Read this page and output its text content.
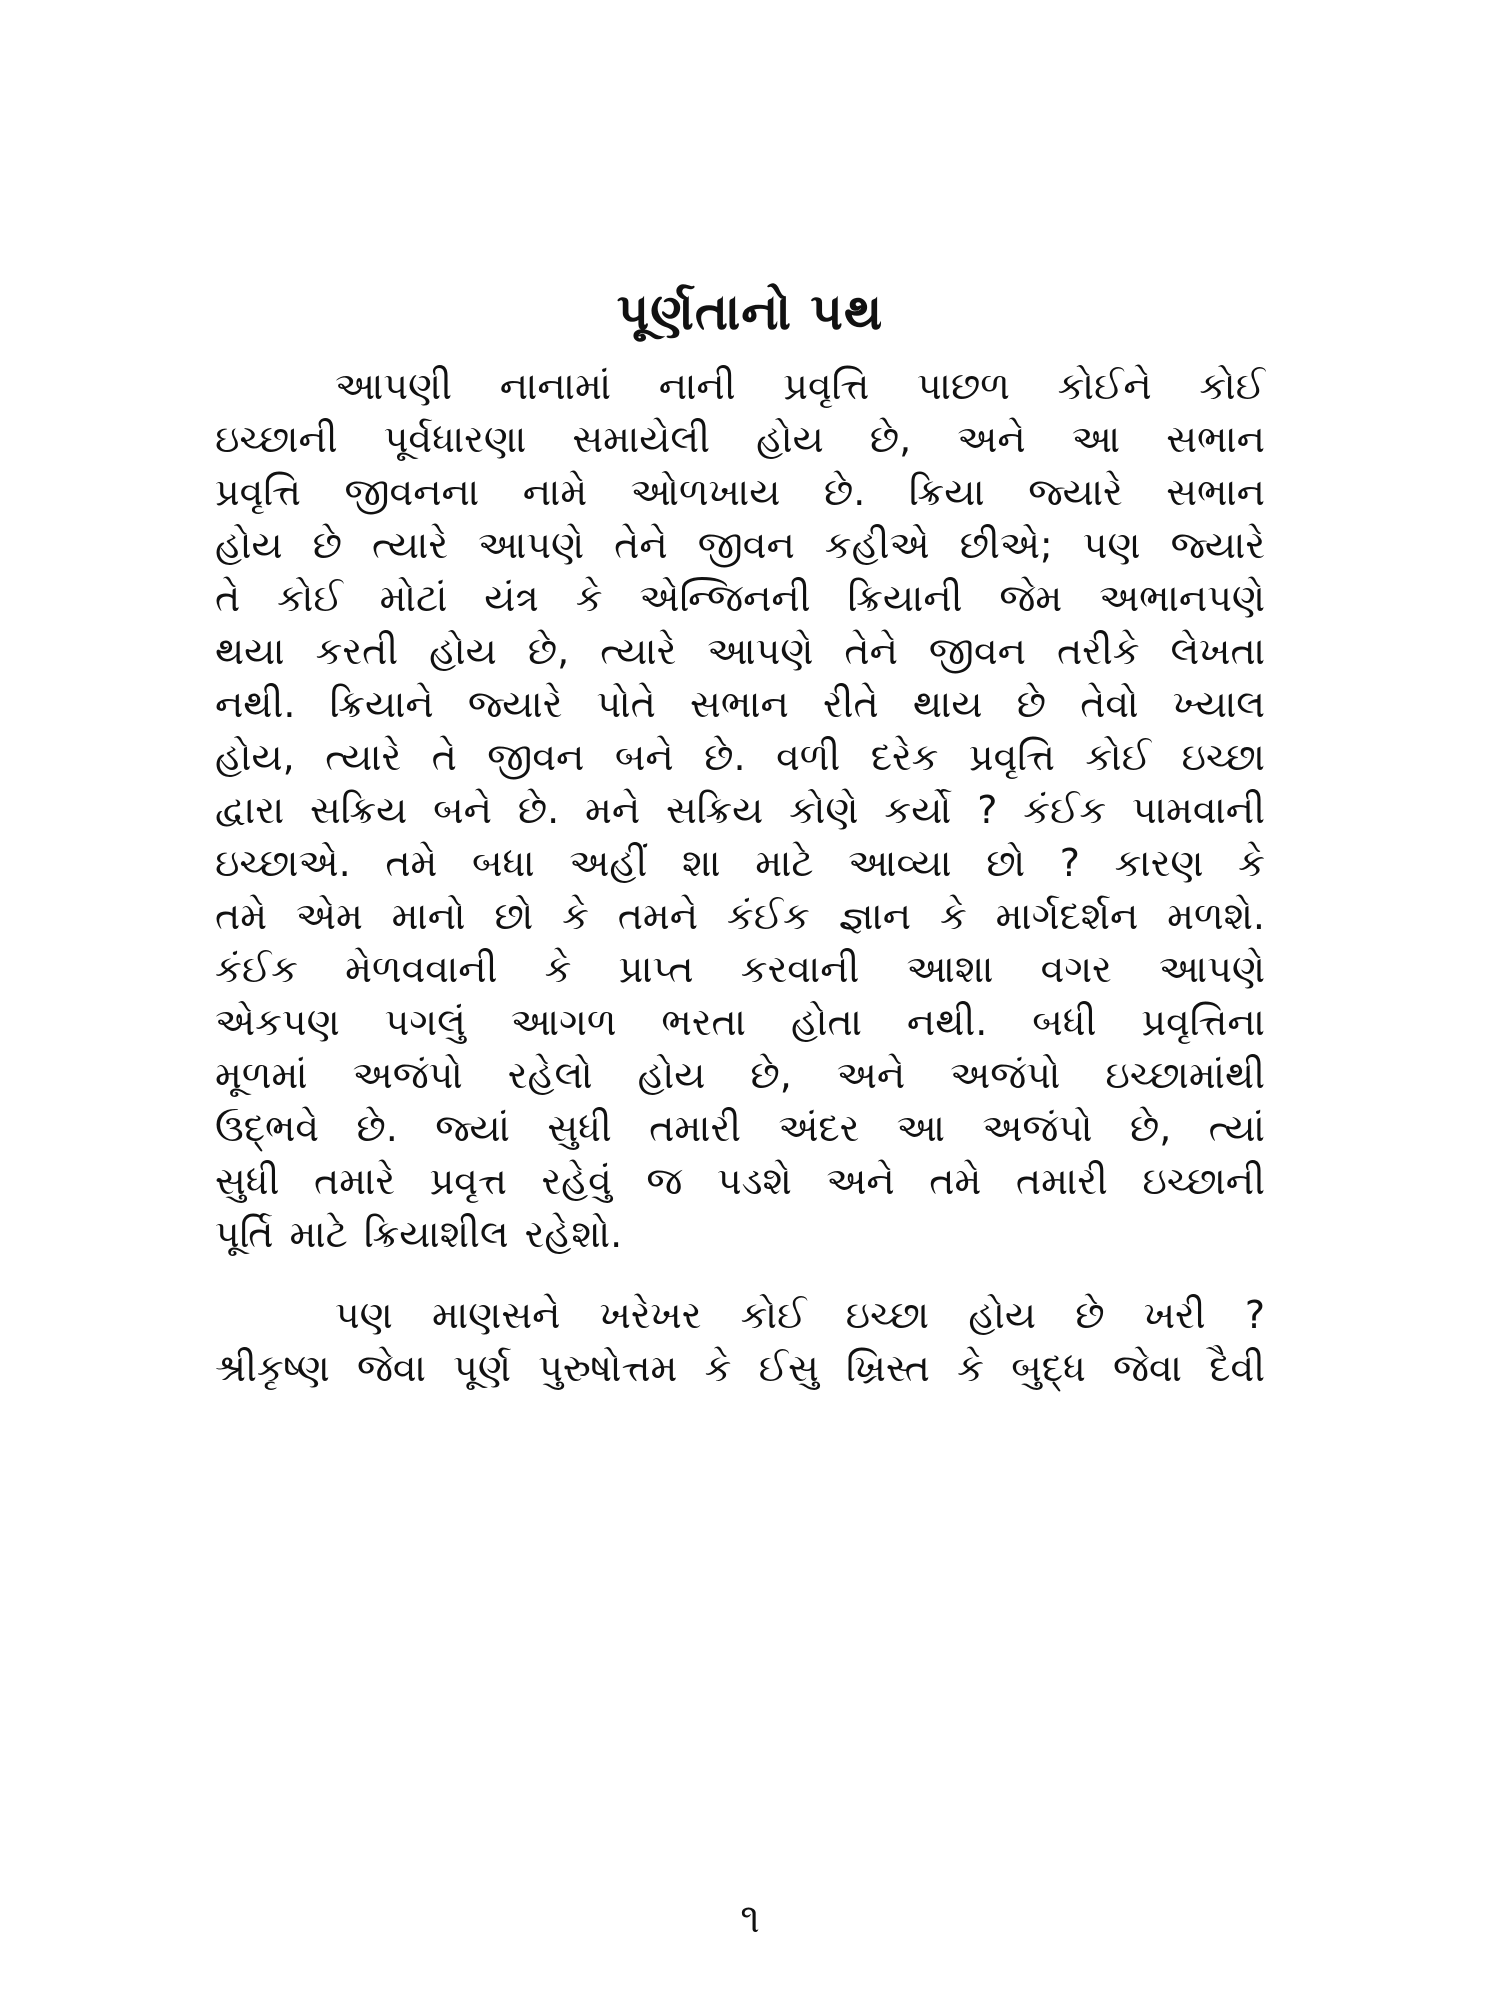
પૂર્ણતાનો પથ
આપણી નાનામાં નાની પ્રવૃત્તિ પાછળ કોઈને કોઈ
ઇચ્છાની પૂર્વધારણા સમાયેલી હોય છે, અને આ સભાન
પ્રવૃત્તિ જીવનના નામે ઓળખાય છે. ક્રિયા જ્યારે સભાન
હોય છે ત્યારે આપણે તેને જીવન કહીએ છીએ; પણ જ્યારે
તે કોઈ મોટાં યંત્ર કે એન્જિનની ક્રિયાની જેમ અભાનપણે
થયા કરતી હોય છે, ત્યારે આપણે તેને જીવન તરીકે લેખતા
નથી. ક્રિયાને જ્યારે પોતે સભાન રીતે થાય છે તેવો ખ્યાલ
હોય, ત્યારે તે જીવન બને છે. વળી દરેક પ્રવૃત્તિ કોઈ ઇચ્છા
દ્વારા સક્રિય બને છે. મને સક્રિય કોણે કર્યો ? કંઈક પામવાની
ઇચ્છાએ. તમે બધા અહીં શા માટે આવ્યા છો ? કારણ કે
તમે એમ માનો છો કે તમને કંઈક જ્ઞાન કે માર્ગદર્શન મળશે.
કંઈક મેળવવાની કે પ્રાપ્ત કરવાની આશા વગર આપણે
એકપણ પગલું આગળ ભરતા હોતા નથી. બધી પ્રવૃત્તિના
મૂળમાં અજંપો રહેલો હોય છે, અને અજંપો ઇચ્છામાંથી
ઉદ્ભવે છે. જ્યાં સુધી તમારી અંદર આ અજંપો છે, ત્યાં
સુધી તમારે પ્રવૃત્ત રહેવું જ પડશે અને તમે તમારી ઇચ્છાની
પૂર્તિ માટે ક્રિયાશીલ રહેશો.
પણ માણસને ખરેખર કોઈ ઇચ્છા હોય છે ખરી ?
શ્રીકૃષ્ણ જેવા પૂર્ણ પુરુષોત્તમ કે ઈસુ ખ્રિસ્ત કે બુદ્ધ જેવા દૈવી
૧
